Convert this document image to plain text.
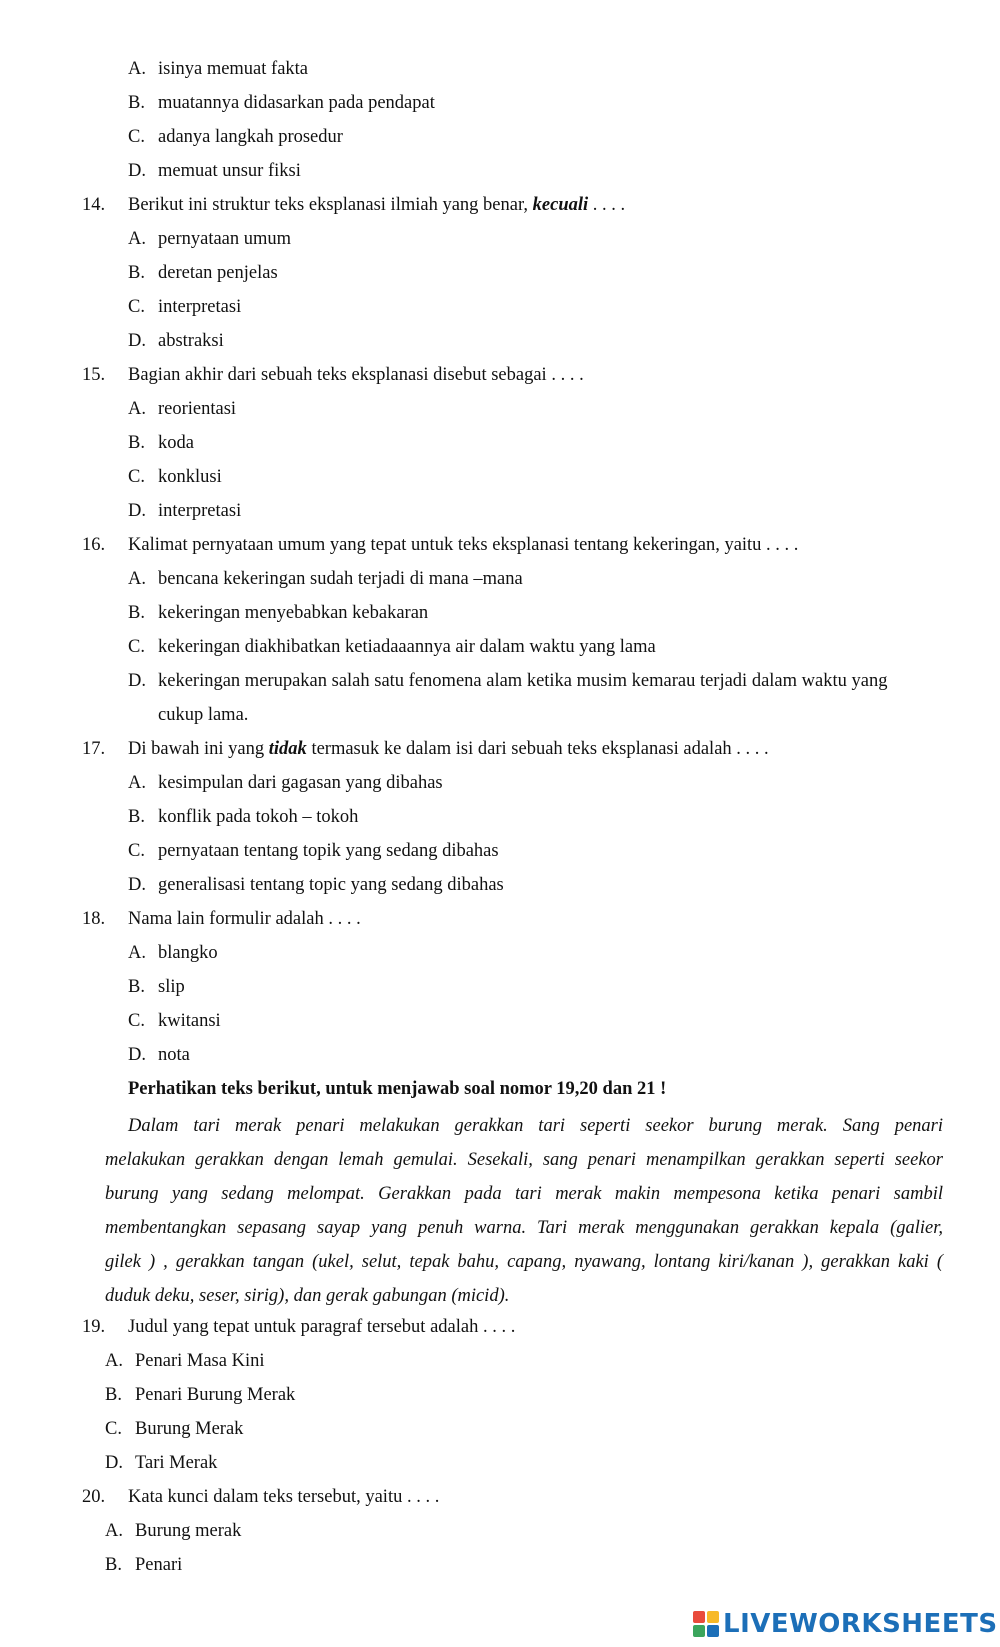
A. isinya memuat fakta
B. muatannya didasarkan pada pendapat
C. adanya langkah prosedur
D. memuat unsur fiksi
14. Berikut ini struktur teks eksplanasi ilmiah yang benar, kecuali . . . .
A. pernyataan umum
B. deretan penjelas
C. interpretasi
D. abstraksi
15. Bagian akhir dari sebuah teks eksplanasi disebut sebagai . . . .
A. reorientasi
B. koda
C. konklusi
D. interpretasi
16. Kalimat pernyataan umum yang tepat untuk teks eksplanasi tentang kekeringan, yaitu . . . .
A. bencana kekeringan sudah terjadi di mana –mana
B. kekeringan menyebabkan kebakaran
C. kekeringan diakhibatkan ketiadaaannya air dalam waktu yang lama
D. kekeringan merupakan salah satu fenomena alam ketika musim kemarau terjadi dalam waktu yang
cukup lama.
17. Di bawah ini yang tidak termasuk ke dalam isi dari sebuah teks eksplanasi adalah . . . .
A. kesimpulan dari gagasan yang dibahas
B. konflik pada tokoh – tokoh
C. pernyataan tentang topik yang sedang dibahas
D. generalisasi tentang topic yang sedang dibahas
18. Nama lain formulir adalah . . . .
A. blangko
B. slip
C. kwitansi
D. nota
Perhatikan teks berikut, untuk menjawab soal nomor 19,20 dan 21 !
Dalam tari merak penari melakukan gerakkan tari seperti seekor burung merak. Sang penari
melakukan gerakkan dengan lemah gemulai. Sesekali, sang penari menampilkan gerakkan seperti seekor
burung yang sedang melompat. Gerakkan pada tari merak makin mempesona ketika penari sambil
membentangkan sepasang sayap yang penuh warna. Tari merak menggunakan gerakkan kepala (galier,
gilek ) , gerakkan tangan (ukel, selut, tepak bahu, capang, nyawang, lontang kiri/kanan ), gerakkan kaki (
duduk deku, seser, sirig), dan gerak gabungan (micid).
19. Judul yang tepat untuk paragraf tersebut adalah . . . .
A. Penari Masa Kini
B. Penari Burung Merak
C. Burung Merak
D. Tari Merak
20. Kata kunci dalam teks tersebut, yaitu . . . .
A. Burung merak
B. Penari
LIVEWORKSHEETS
